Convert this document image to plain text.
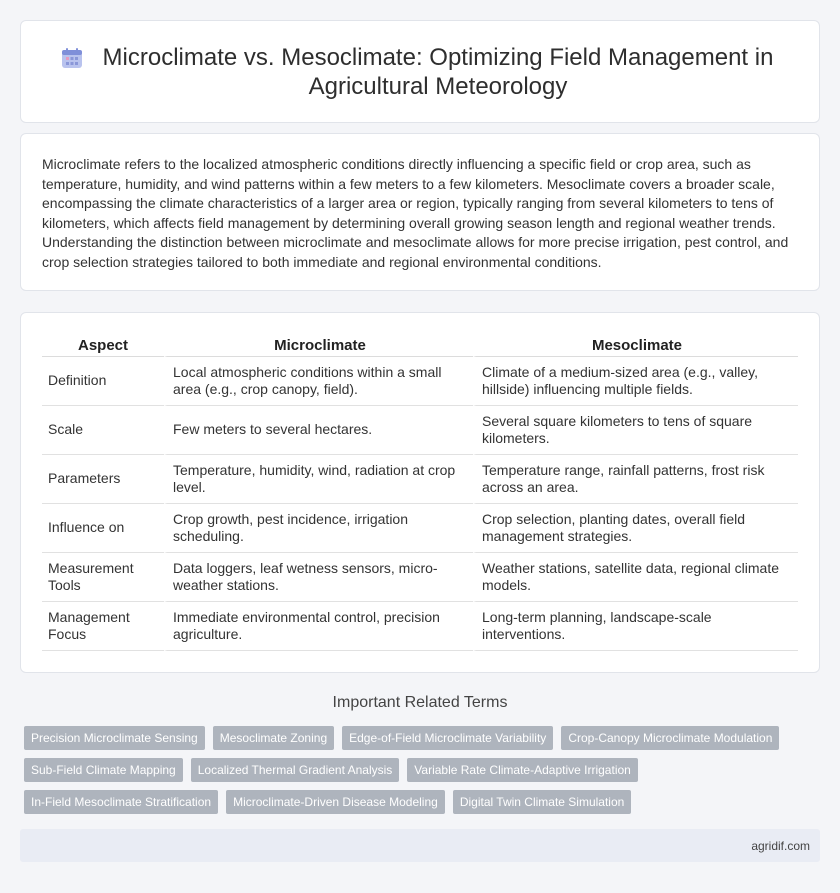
Microclimate vs. Mesoclimate: Optimizing Field Management in Agricultural Meteorology

Microclimate refers to the localized atmospheric conditions directly influencing a specific field or crop area, such as temperature, humidity, and wind patterns within a few meters to a few kilometers. Mesoclimate covers a broader scale, encompassing the climate characteristics of a larger area or region, typically ranging from several kilometers to tens of kilometers, which affects field management by determining overall growing season length and regional weather trends. Understanding the distinction between microclimate and mesoclimate allows for more precise irrigation, pest control, and crop selection strategies tailored to both immediate and regional environmental conditions.

Aspect	Microclimate	Mesoclimate
Definition	Local atmospheric conditions within a small area (e.g., crop canopy, field).	Climate of a medium-sized area (e.g., valley, hillside) influencing multiple fields.
Scale	Few meters to several hectares.	Several square kilometers to tens of square kilometers.
Parameters	Temperature, humidity, wind, radiation at crop level.	Temperature range, rainfall patterns, frost risk across an area.
Influence on	Crop growth, pest incidence, irrigation scheduling.	Crop selection, planting dates, overall field management strategies.
Measurement Tools	Data loggers, leaf wetness sensors, micro-weather stations.	Weather stations, satellite data, regional climate models.
Management Focus	Immediate environmental control, precision agriculture.	Long-term planning, landscape-scale interventions.
Important Related Terms
Precision Microclimate Sensing	Mesoclimate Zoning	Edge-of-Field Microclimate Variability	Crop-Canopy Microclimate Modulation
Sub-Field Climate Mapping	Localized Thermal Gradient Analysis	Variable Rate Climate-Adaptive Irrigation
In-Field Mesoclimate Stratification	Microclimate-Driven Disease Modeling	Digital Twin Climate Simulation
agridif.com
